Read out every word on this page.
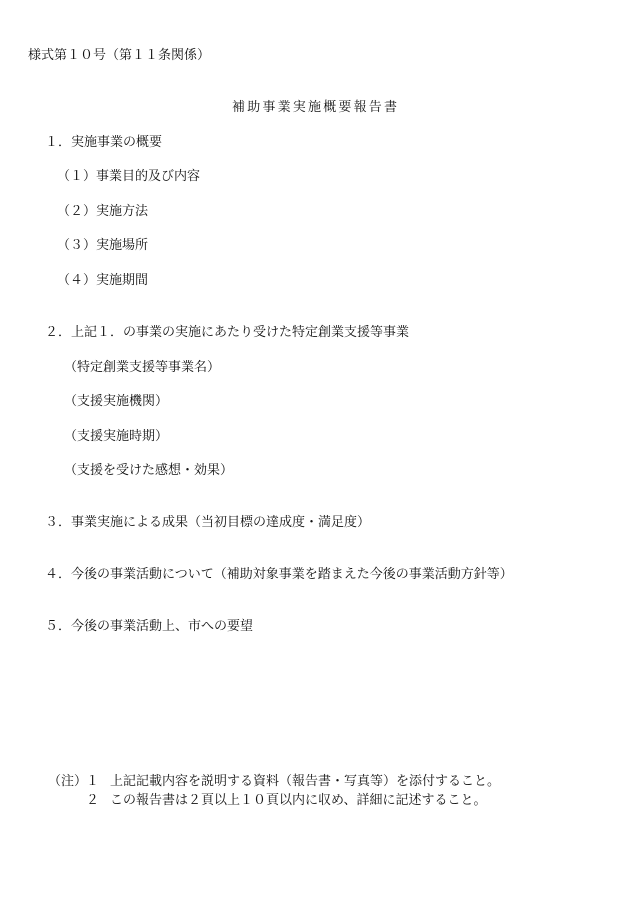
様式第１０号（第１１条関係）
補助事業実施概要報告書
１．実施事業の概要
（１） 事業目的及び内容
（２） 実施方法
（３） 実施場所
（４） 実施期間
２．上記１．の事業の実施にあたり受けた特定創業支援等事業
（特定創業支援等事業名）
（支援実施機関）
（支援実施時期）
（支援を受けた感想・効果）
３．事業実施による成果（当初目標の達成度・満足度）
４．今後の事業活動について（補助対象事業を踏まえた今後の事業活動方針等）
５．今後の事業活動上、市への要望
（注）
１ 上記記載内容を説明する資料（報告書・写真等）を添付すること。
２ この報告書は２頁以上１０頁以内に収め、詳細に記述すること。
